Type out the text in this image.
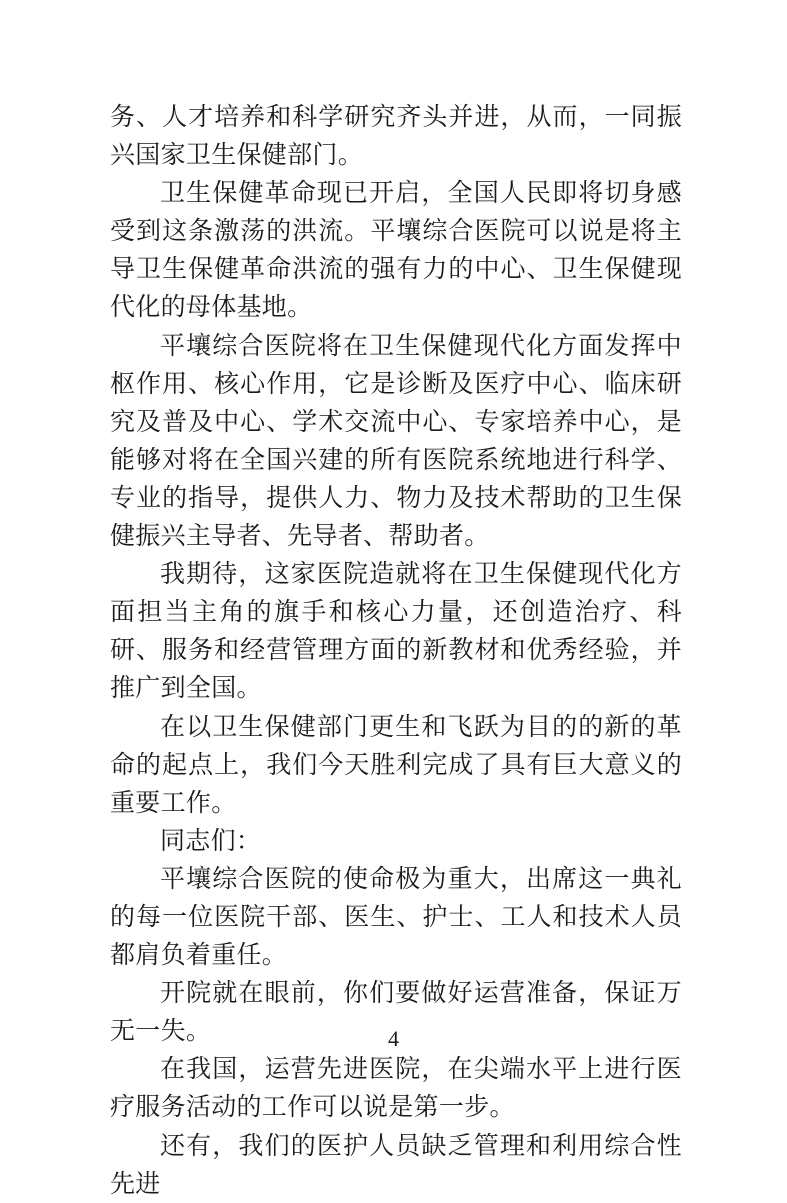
务、人才培养和科学研究齐头并进，从而，一同振兴国家卫生保健部门。

卫生保健革命现已开启，全国人民即将切身感受到这条激荡的洪流。平壤综合医院可以说是将主导卫生保健革命洪流的强有力的中心、卫生保健现代化的母体基地。

平壤综合医院将在卫生保健现代化方面发挥中枢作用、核心作用，它是诊断及医疗中心、临床研究及普及中心、学术交流中心、专家培养中心，是能够对将在全国兴建的所有医院系统地进行科学、专业的指导，提供人力、物力及技术帮助的卫生保健振兴主导者、先导者、帮助者。

我期待，这家医院造就将在卫生保健现代化方面担当主角的旗手和核心力量，还创造治疗、科研、服务和经营管理方面的新教材和优秀经验，并推广到全国。

在以卫生保健部门更生和飞跃为目的的新的革命的起点上，我们今天胜利完成了具有巨大意义的重要工作。

同志们：

平壤综合医院的使命极为重大，出席这一典礼的每一位医院干部、医生、护士、工人和技术人员都肩负着重任。

开院就在眼前，你们要做好运营准备，保证万无一失。

在我国，运营先进医院，在尖端水平上进行医疗服务活动的工作可以说是第一步。

还有，我们的医护人员缺乏管理和利用综合性先进

4
